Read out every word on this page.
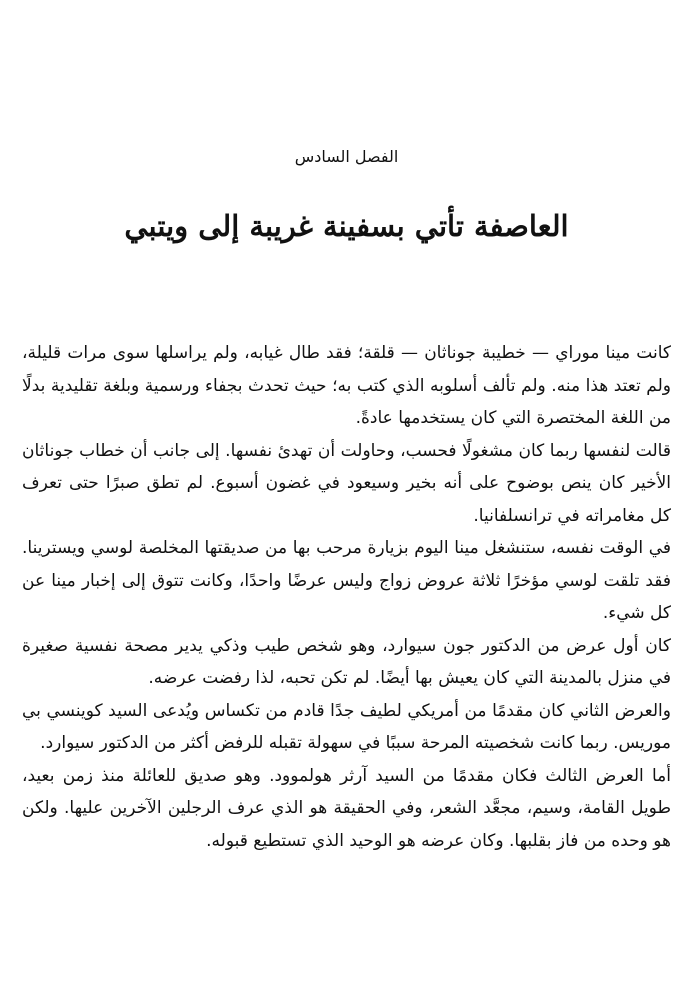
الفصل السادس
العاصفة تأتي بسفينة غريبة إلى ويتبي

كانت مينا موراي — خطيبة جوناثان — قلقة؛ فقد طال غيابه، ولم يراسلها سوى مرات قليلة، ولم تعتد هذا منه. ولم تألف أسلوبه الذي كتب به؛ حيث تحدث بجفاء ورسمية وبلغة تقليدية بدلًا من اللغة المختصرة التي كان يستخدمها عادةً.

قالت لنفسها ربما كان مشغولًا فحسب، وحاولت أن تهدئ نفسها. إلى جانب أن خطاب جوناثان الأخير كان ينص بوضوح على أنه بخير وسيعود في غضون أسبوع. لم تطق صبرًا حتى تعرف كل مغامراته في ترانسلفانيا.

في الوقت نفسه، ستنشغل مينا اليوم بزيارة مرحب بها من صديقتها المخلصة لوسي ويسترينا. فقد تلقت لوسي مؤخرًا ثلاثة عروض زواج وليس عرضًا واحدًا، وكانت تتوق إلى إخبار مينا عن كل شيء.

كان أول عرض من الدكتور جون سيوارد، وهو شخص طيب وذكي يدير مصحة نفسية صغيرة في منزل بالمدينة التي كان يعيش بها أيضًا. لم تكن تحبه، لذا رفضت عرضه.

والعرض الثاني كان مقدمًا من أمريكي لطيف جدًا قادم من تكساس ويُدعى السيد كوينسي بي موريس. ربما كانت شخصيته المرحة سببًا في سهولة تقبله للرفض أكثر من الدكتور سيوارد.

أما العرض الثالث فكان مقدمًا من السيد آرثر هولموود. وهو صديق للعائلة منذ زمن بعيد، طويل القامة، وسيم، مجعَّد الشعر، وفي الحقيقة هو الذي عرف الرجلين الآخرين عليها. ولكن هو وحده من فاز بقلبها. وكان عرضه هو الوحيد الذي تستطيع قبوله.
